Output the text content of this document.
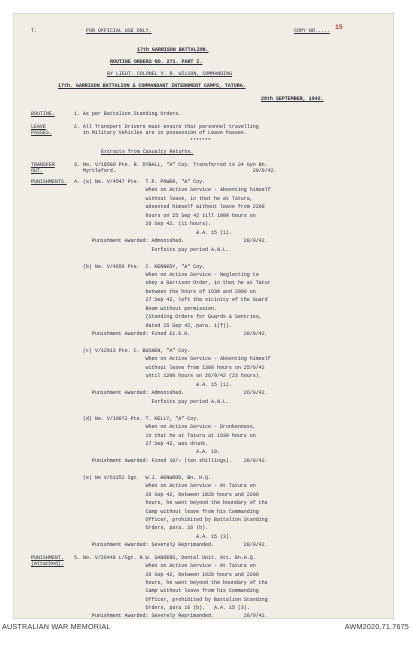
T.	FOR OFFICIAL USE ONLY.	COPY NO..... 15
17th GARRISON BATTALION.
ROUTINE ORDERS NO. 271. PART I.
BY LIEUT. COLONEL V. R. WILSON, COMMANDING
17th. GARRISON BATTALION & COMMANDANT INTERNMENT CAMPS, TATURA.
28th SEPTEMBER, 1942.
ROUTINE.	1. As per Battalion Standing Orders.
LEAVE
PASSES.
2. All Transport Drivers must ensure that personnel travelling
in Military Vehicles are in possession of Leave Passes.
*******
Extracts from Casualty Returns.
TRANSFER
OUT.
3. No. V/18580 Pte. R. DYBALL, "A" Coy. Transferred to 24 Gyn Bn.
Myrtleford.                                              29/9/42.
PUNISHMENTS.
PUNISHMENT.
(Attached).
4. (a) No. V/4547 Pte.  T.P. POWER, "A" Coy.
When on Active Service - Absenting himself
without leave, in that he at Tatura,
absented himself without leave from 2200
hours on 25 Sep 42 till 1000 hours on
26 Sep 42. (11 hours).
A.A. 15 (1).
Punishment Awarded: Admonished.                    28/9/42.
Forfeits pay period A.W.L.
(b) No. V/4656 Pte.  C. KENNEDY, "A" Coy.
When on Active Service - Neglecting to
obey a Garrison Order, in that he at Tatur
between the hours of 1930 and 2000 on
27 Sep 42, left the vicinity of the Guard
Room without permission.
(Standing Orders for Guards & Sentries,
dated 15 Sep 42, para. 1(f)).
Punishment Awarded: Fined £1.0.0.                  28/9/42.
(c) V/12013 Pte. C. BUSHEN, "A" Coy.
When on Active Service - Absenting himself
without leave from 1300 hours on 25/9/42
until 1200 hours on 26/9/42 (23 hours).
A.A. 15 (1).
Punishment Awarded: Admonished.                    26/9/42.
Forfeits pay period A.W.L.
(d) No. V/19072 Pte. T. KELLY, "A" Coy.
When on Active Service - Drunkenness,
in that he at Tatura at 1930 hours on
27 Sep 42, was drunk.
A.A. 19.
Punishment Awarded: Fined 10/- (ten shillings).    28/9/42.
(e) No V/61252 Sgt.  W.J. HENWOOD, Bn. H.Q.
When on Active Service - At Tatura on
26 Sep 42, between 1820 hours and 2200
hours, he went beyond the boundary of the
Camp without leave from his Commanding
Officer, prohibited by Battalion Standing
Orders, para. 16 (b).
A.A. 15 (3).
Punishment Awarded: Severely Reprimanded.          28/9/42.
5. No. V/26448 L/Sgt. N.W. SANDERS, Dental Unit. Att. Bn.H.Q.
When on Active Service - At Tatura on
26 Sep 42, between 1920 hours and 2200
hours, he went beyond the boundary of the
Camp without leave from his Commanding
Officer, prohibited by Battalion Standing
Orders, para 16 (b).   A.A. 15 (3).
Punishment Awarded: Severely Reprimanded.          28/9/42.
AUSTRALIAN WAR MEMORIAL	AWM2020.71.7675
